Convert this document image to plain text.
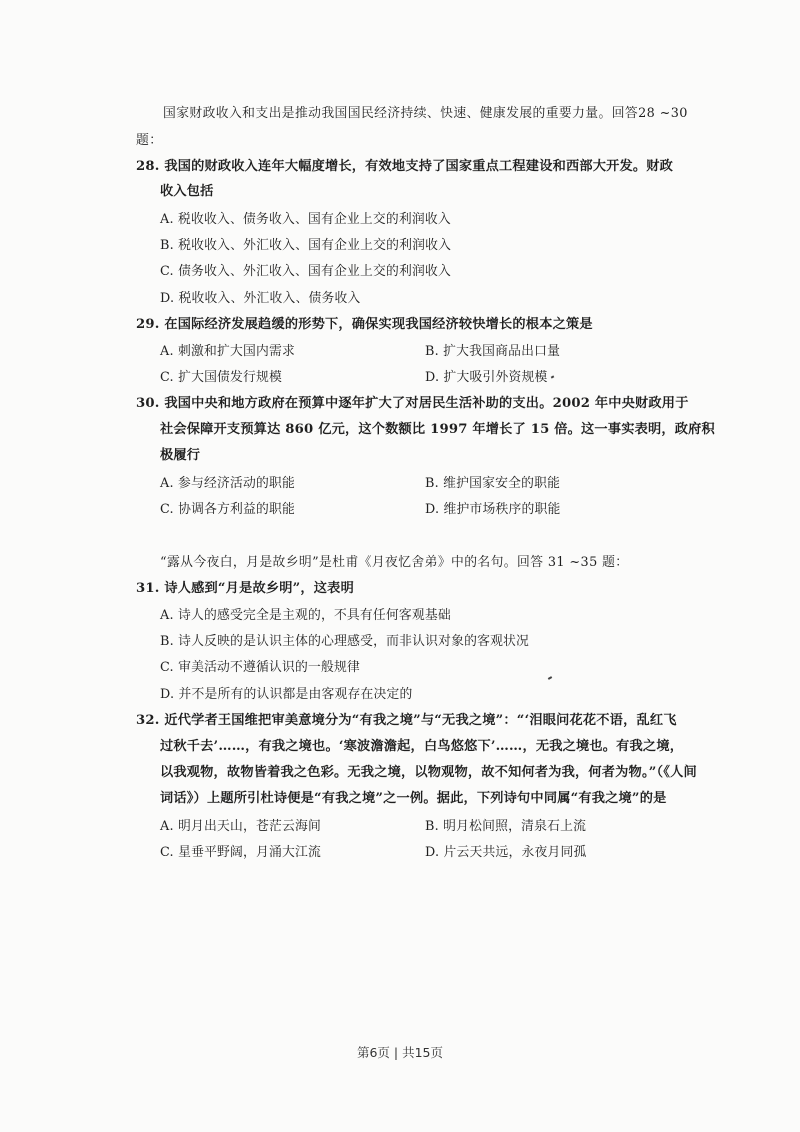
国家财政收入和支出是推动我国国民经济持续、快速、健康发展的重要力量。回答28 ~30
题：
28. 我国的财政收入连年大幅度增长，有效地支持了国家重点工程建设和西部大开发。财政
收入包括
A. 税收收入、债务收入、国有企业上交的利润收入
B. 税收收入、外汇收入、国有企业上交的利润收入
C. 债务收入、外汇收入、国有企业上交的利润收入
D. 税收收入、外汇收入、债务收入
29. 在国际经济发展趋缓的形势下，确保实现我国经济较快增长的根本之策是
A. 刺激和扩大国内需求	B. 扩大我国商品出口量
C. 扩大国债发行规模	D. 扩大吸引外资规模
30. 我国中央和地方政府在预算中逐年扩大了对居民生活补助的支出。2002 年中央财政用于
社会保障开支预算达 860 亿元，这个数额比 1997 年增长了 15 倍。这一事实表明，政府积
极履行
A. 参与经济活动的职能	B. 维护国家安全的职能
C. 协调各方利益的职能	D. 维护市场秩序的职能
“露从今夜白，月是故乡明”是杜甫《月夜忆舍弟》中的名句。回答 31 ~35 题：
31. 诗人感到“月是故乡明”，这表明
A. 诗人的感受完全是主观的，不具有任何客观基础
B. 诗人反映的是认识主体的心理感受，而非认识对象的客观状况
C. 审美活动不遵循认识的一般规律
D. 并不是所有的认识都是由客观存在决定的
32. 近代学者王国维把审美意境分为“有我之境”与“无我之境”：“‘泪眼问花花不语，乱红飞
过秋千去’……，有我之境也。‘寒波澹澹起，白鸟悠悠下’……，无我之境也。有我之境，
以我观物，故物皆着我之色彩。无我之境，以物观物，故不知何者为我，何者为物。”（《人间
词话》）上题所引杜诗便是“有我之境”之一例。据此，下列诗句中同属“有我之境”的是
A. 明月出天山，苍茫云海间	B. 明月松间照，清泉石上流
C. 星垂平野阔，月涌大江流	D. 片云天共远，永夜月同孤
第6页 | 共15页
